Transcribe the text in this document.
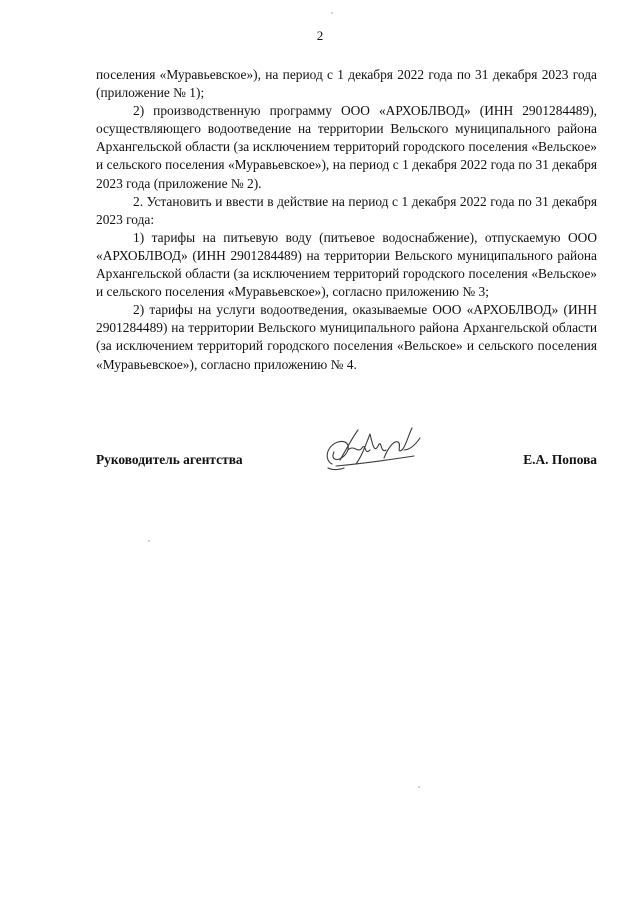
2

поселения «Муравьевское»), на период с 1 декабря 2022 года по 31 декабря 2023 года (приложение № 1);

2) производственную программу ООО «АРХОБЛВОД» (ИНН 2901284489), осуществляющего водоотведение на территории Вельского муниципального района Архангельской области (за исключением территорий городского поселения «Вельское» и сельского поселения «Муравьевское»), на период с 1 декабря 2022 года по 31 декабря 2023 года (приложение № 2).

2. Установить и ввести в действие на период с 1 декабря 2022 года по 31 декабря 2023 года:

1) тарифы на питьевую воду (питьевое водоснабжение), отпускаемую ООО «АРХОБЛВОД» (ИНН 2901284489) на территории Вельского муниципального района Архангельской области (за исключением территорий городского поселения «Вельское» и сельского поселения «Муравьевское»), согласно приложению № 3;

2) тарифы на услуги водоотведения, оказываемые ООО «АРХОБЛВОД» (ИНН 2901284489) на территории Вельского муниципального района Архангельской области (за исключением территорий городского поселения «Вельское» и сельского поселения «Муравьевское»), согласно приложению № 4.

Руководитель агентства	Е.А. Попова
